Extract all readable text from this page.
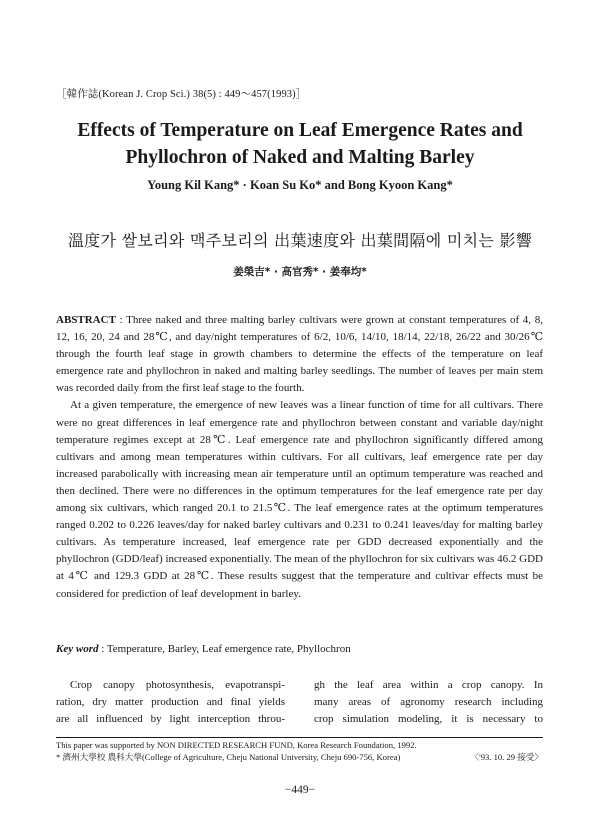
［韓作誌(Korean J. Crop Sci.) 38(5) : 449～457(1993)］
Effects of Temperature on Leaf Emergence Rates and
Phyllochron of Naked and Malting Barley
Young Kil Kang* · Koan Su Ko* and Bong Kyoon Kang*
溫度가 쌀보리와 맥주보리의 出葉速度와 出葉間隔에 미치는 影響
姜榮吉* · 高官秀* · 姜奉均*

ABSTRACT : Three naked and three malting barley cultivars were grown at constant temperatures of 4, 8, 12, 16, 20, 24 and 28℃, and day/night temperatures of 6/2, 10/6, 14/10, 18/14, 22/18, 26/22 and 30/26℃ through the fourth leaf stage in growth chambers to determine the effects of the temperature on leaf emergence rate and phyllochron in naked and malting barley seedlings. The number of leaves per main stem was recorded daily from the first leaf stage to the fourth.

At a given temperature, the emergence of new leaves was a linear function of time for all cultivars. There were no great differences in leaf emergence rate and phyllochron between constant and variable day/night temperature regimes except at 28℃. Leaf emergence rate and phyllochron significantly differed among cultivars and among mean temperatures within cultivars. For all cultivars, leaf emergence rate per day increased parabolically with increasing mean air temperature until an optimum temperature was reached and then declined. There were no differences in the optimum temperatures for the leaf emergence rate per day among six cultivars, which ranged 20.1 to 21.5℃. The leaf emergence rates at the optimum temperatures ranged 0.202 to 0.226 leaves/day for naked barley cultivars and 0.231 to 0.241 leaves/day for malting barley cultivars. As temperature increased, leaf emergence rate per GDD decreased exponentially and the phyllochron (GDD/leaf) increased exponentially. The mean of the phyllochron for six cultivars was 46.2 GDD at 4℃ and 129.3 GDD at 28℃. These results suggest that the temperature and cultivar effects must be considered for prediction of leaf development in barley.

Key word : Temperature, Barley, Leaf emergence rate, Phyllochron
Crop canopy photosynthesis, evapotranspi-
ration, dry matter production and final yields
are all influenced by light interception throu-
gh the leaf area within a crop canopy. In
many areas of agronomy research including
crop simulation modeling, it is necessary to
This paper was supported by NON DIRECTED RESEARCH FUND, Korea Research Foundation, 1992.
* 濟州大學校 農科大學(College of Agriculture, Cheju National University, Cheju 690-756, Korea)	〈'93. 10. 29 接受〉
−449−
